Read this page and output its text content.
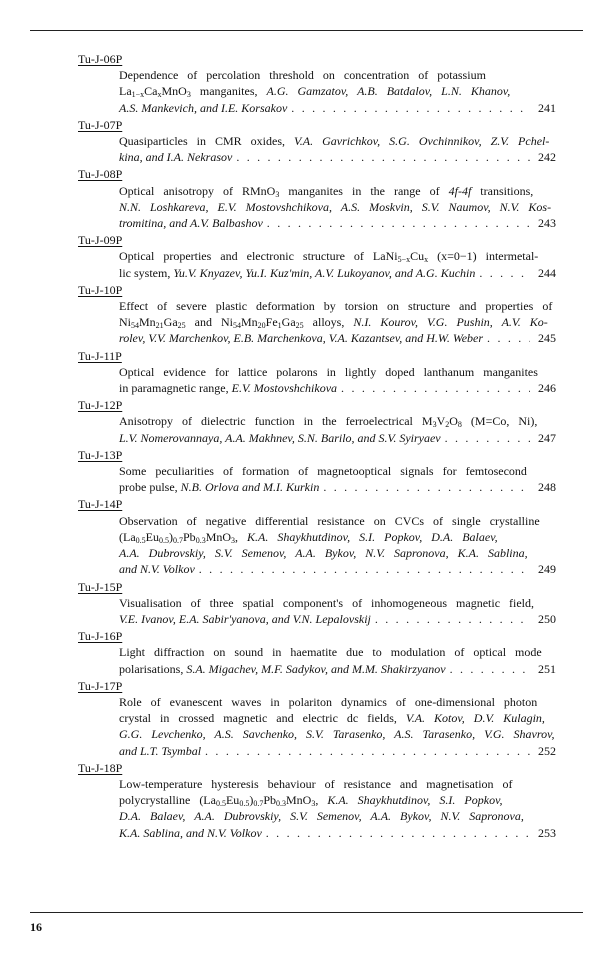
Tu-J-06P
Dependence of percolation threshold on concentration of potassium
$La_{1-x}Ca_xMnO_3$ manganites, A.G. Gamzatov, A.B. Batdalov, L.N. Khanov,
A.S. Mankevich, and I.E. Korsakov . . .	241
Tu-J-07P
Quasiparticles in CMR oxides, V.A. Gavrichkov, S.G. Ovchinnikov, Z.V. Pchel-
kina, and I.A. Nekrasov . . .	242
Tu-J-08P
Optical anisotropy of RMnO$_3$ manganites in the range of 4f-4f transitions,
N.N. Loshkareva, E.V. Mostovshchikova, A.S. Moskvin, S.V. Naumov, N.V. Kos-
tromitina, and A.V. Balbashov . . .	243
Tu-J-09P
Optical properties and electronic structure of $LaNi_{5-x}Cu_x$ (x=0−1) intermetal-
lic system, Yu.V. Knyazev, Yu.I. Kuz'min, A.V. Lukoyanov, and A.G. Kuchin . . .	244
Tu-J-10P
Effect of severe plastic deformation by torsion on structure and properties of
$Ni_{54}Mn_{21}Ga_{25}$ and $Ni_{54}Mn_{20}Fe_1Ga_{25}$ alloys, N.I. Kourov, V.G. Pushin, A.V. Ko-
rolev, V.V. Marchenkov, E.B. Marchenkova, V.A. Kazantsev, and H.W. Weber . . .	245
Tu-J-11P
Optical evidence for lattice polarons in lightly doped lanthanum manganites
in paramagnetic range, E.V. Mostovshchikova . . .	246
Tu-J-12P
Anisotropy of dielectric function in the ferroelectrical $M_3V_2O_8$ (M=Co, Ni),
L.V. Nomerovannaya, A.A. Makhnev, S.N. Barilo, and S.V. Syiryaev . . .	247
Tu-J-13P
Some peculiarities of formation of magnetooptical signals for femtosecond
probe pulse, N.B. Orlova and M.I. Kurkin . . .	248
Tu-J-14P
Observation of negative differential resistance on CVCs of single crystalline
$(La_{0.5}Eu_{0.5})_{0.7}Pb_{0.3}MnO_3$, K.A. Shaykhutdinov, S.I. Popkov, D.A. Balaev,
A.A. Dubrovskiy, S.V. Semenov, A.A. Bykov, N.V. Sapronova, K.A. Sablina,
and N.V. Volkov . . .	249
Tu-J-15P
Visualisation of three spatial component's of inhomogeneous magnetic field,
V.E. Ivanov, E.A. Sabir'yanova, and V.N. Lepalovskij . . .	250
Tu-J-16P
Light diffraction on sound in haematite due to modulation of optical mode
polarisations, S.A. Migachev, M.F. Sadykov, and M.M. Shakirzyanov . . .	251
Tu-J-17P
Role of evanescent waves in polariton dynamics of one-dimensional photon
crystal in crossed magnetic and electric dc fields, V.A. Kotov, D.V. Kulagin,
G.G. Levchenko, A.S. Savchenko, S.V. Tarasenko, A.S. Tarasenko, V.G. Shavrov,
and L.T. Tsymbal . . .	252
Tu-J-18P
Low-temperature hysteresis behaviour of resistance and magnetisation of
polycrystalline $(La_{0.5}Eu_{0.5})_{0.7}Pb_{0.3}MnO_3$, K.A. Shaykhutdinov, S.I. Popkov,
D.A. Balaev, A.A. Dubrovskiy, S.V. Semenov, A.A. Bykov, N.V. Sapronova,
K.A. Sablina, and N.V. Volkov . . .	253
16
